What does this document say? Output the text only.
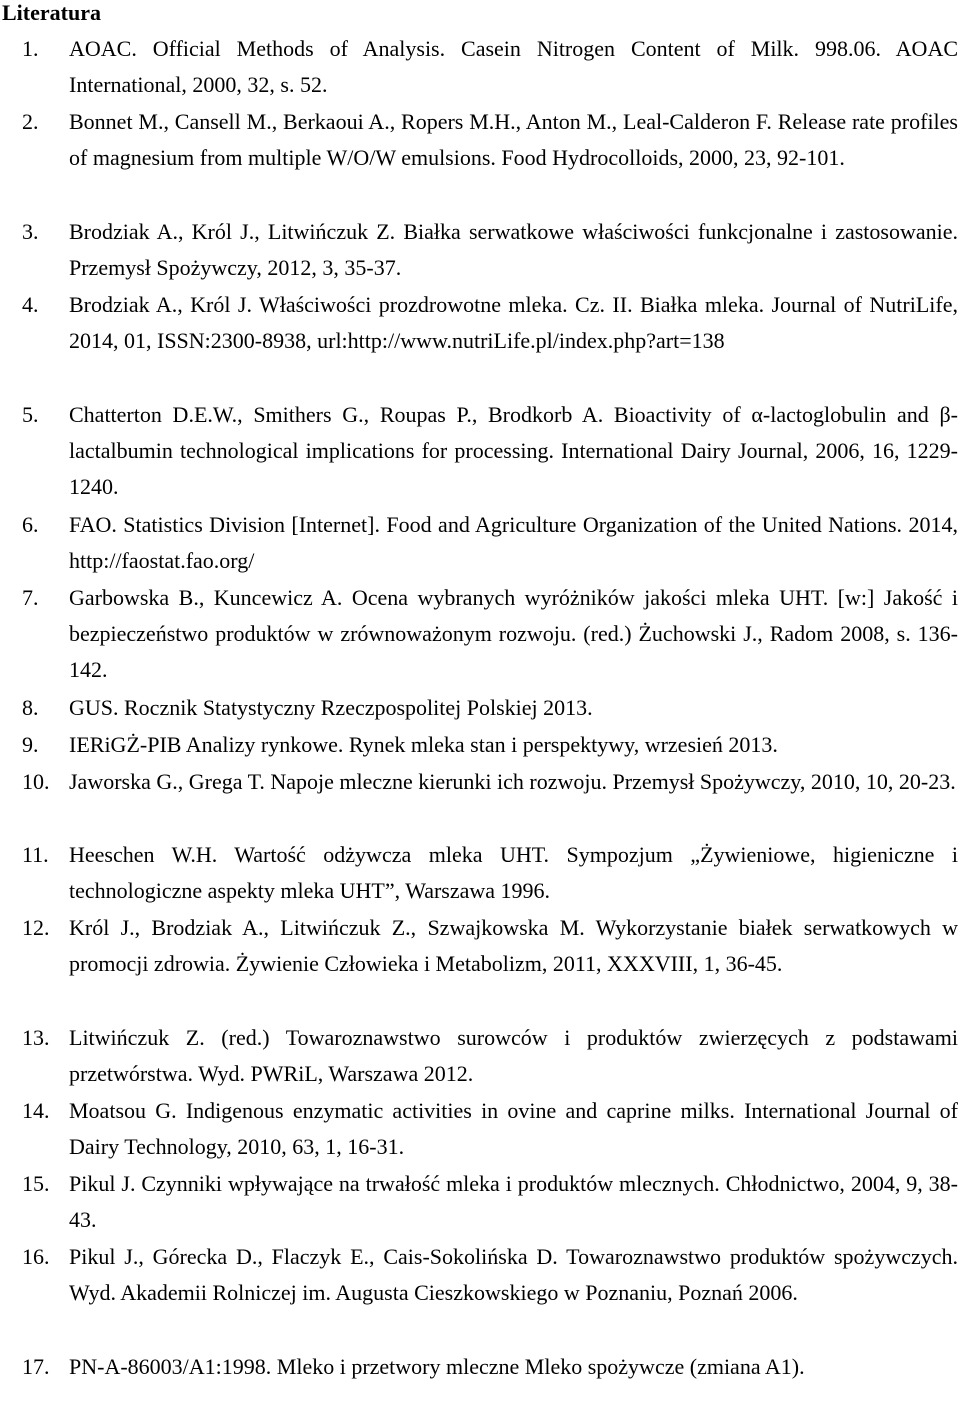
Literatura
1. AOAC. Official Methods of Analysis. Casein Nitrogen Content of Milk. 998.06. AOAC International, 2000, 32, s. 52.
2. Bonnet M., Cansell M., Berkaoui A., Ropers M.H., Anton M., Leal-Calderon F. Release rate profiles of magnesium from multiple W/O/W emulsions. Food Hydrocolloids, 2000, 23, 92-101.
3. Brodziak A., Król J., Litwińczuk Z. Białka serwatkowe właściwości funkcjonalne i zastosowanie. Przemysł Spożywczy, 2012, 3, 35-37.
4. Brodziak A., Król J. Właściwości prozdrowotne mleka. Cz. II. Białka mleka. Journal of NutriLife, 2014, 01, ISSN:2300-8938, url:http://www.nutriLife.pl/index.php?art=138
5. Chatterton D.E.W., Smithers G., Roupas P., Brodkorb A. Bioactivity of α-lactoglobulin and β-lactalbumin technological implications for processing. International Dairy Journal, 2006, 16, 1229-1240.
6. FAO. Statistics Division [Internet]. Food and Agriculture Organization of the United Nations. 2014, http://faostat.fao.org/
7. Garbowska B., Kuncewicz A. Ocena wybranych wyróżników jakości mleka UHT. [w:] Jakość i bezpieczeństwo produktów w zrównoważonym rozwoju. (red.) Żuchowski J., Radom 2008, s. 136-142.
8. GUS. Rocznik Statystyczny Rzeczpospolitej Polskiej 2013.
9. IERiGŻ-PIB Analizy rynkowe. Rynek mleka stan i perspektywy, wrzesień 2013.
10. Jaworska G., Grega T. Napoje mleczne kierunki ich rozwoju. Przemysł Spożywczy, 2010, 10, 20-23.
11. Heeschen W.H. Wartość odżywcza mleka UHT. Sympozjum „Żywieniowe, higieniczne i technologiczne aspekty mleka UHT”, Warszawa 1996.
12. Król J., Brodziak A., Litwińczuk Z., Szwajkowska M. Wykorzystanie białek serwatkowych w promocji zdrowia. Żywienie Człowieka i Metabolizm, 2011, XXXVIII, 1, 36-45.
13. Litwińczuk Z. (red.) Towaroznawstwo surowców i produktów zwierzęcych z podstawami przetwórstwa. Wyd. PWRiL, Warszawa 2012.
14. Moatsou G. Indigenous enzymatic activities in ovine and caprine milks. International Journal of Dairy Technology, 2010, 63, 1, 16-31.
15. Pikul J. Czynniki wpływające na trwałość mleka i produktów mlecznych. Chłodnictwo, 2004, 9, 38-43.
16. Pikul J., Górecka D., Flaczyk E., Cais-Sokolińska D. Towaroznawstwo produktów spożywczych. Wyd. Akademii Rolniczej im. Augusta Cieszkowskiego w Poznaniu, Poznań 2006.
17. PN-A-86003/A1:1998. Mleko i przetwory mleczne Mleko spożywcze (zmiana A1).
